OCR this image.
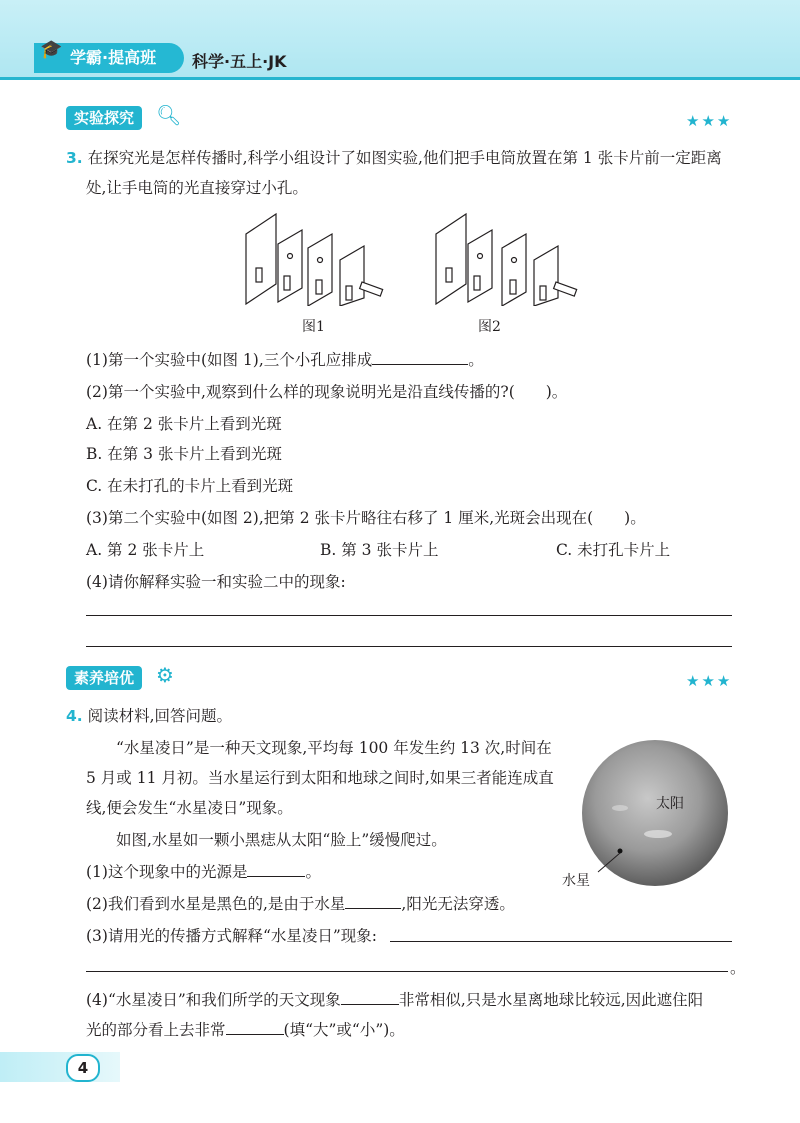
学霸·提高班
🎓
科学·五上·JK
实验探究	🔍︎	★★★
3. 在探究光是怎样传播时,科学小组设计了如图实验,他们把手电筒放置在第 1 张卡片前一定距离
处,让手电筒的光直接穿过小孔。
图1	图2
(1)第一个实验中(如图 1),三个小孔应排成	。
(2)第一个实验中,观察到什么样的现象说明光是沿直线传播的?(　　)。
A. 在第 2 张卡片上看到光斑
B. 在第 3 张卡片上看到光斑
C. 在未打孔的卡片上看到光斑
(3)第二个实验中(如图 2),把第 2 张卡片略往右移了 1 厘米,光斑会出现在(　　)。
A. 第 2 张卡片上	B. 第 3 张卡片上	C. 未打孔卡片上
(4)请你解释实验一和实验二中的现象:
素养培优	⚙	★★★
4. 阅读材料,回答问题。
“水星凌日”是一种天文现象,平均每 100 年发生约 13 次,时间在
5 月或 11 月初。当水星运行到太阳和地球之间时,如果三者能连成直
线,便会发生“水星凌日”现象。
如图,水星如一颗小黑痣从太阳“脸上”缓慢爬过。
太阳
水星
(1)这个现象中的光源是	。
(2)我们看到水星是黑色的,是由于水星	,阳光无法穿透。
(3)请用光的传播方式解释“水星凌日”现象:
。
(4)“水星凌日”和我们所学的天文现象	非常相似,只是水星离地球比较远,因此遮住阳
光的部分看上去非常	(填“大”或“小”)。
4
